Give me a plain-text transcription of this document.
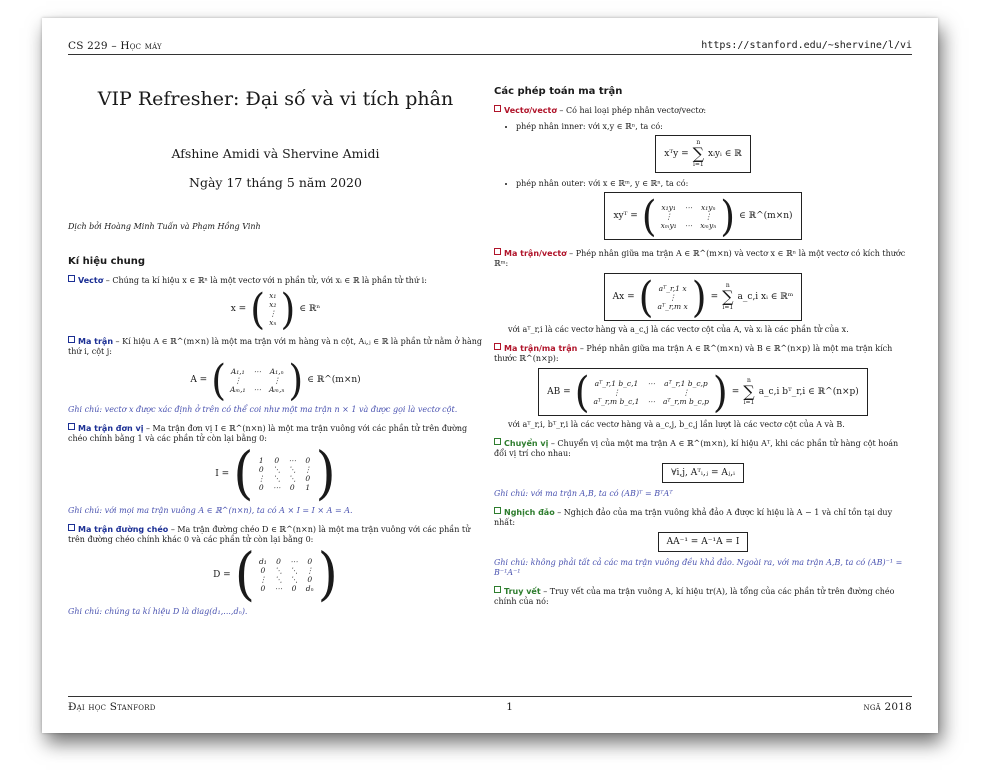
CS 229 – Học máy	https://stanford.edu/~shervine/l/vi
VIP Refresher: Đại số và vi tích phân
Afshine Amidi và Shervine Amidi
Ngày 17 tháng 5 năm 2020
Dịch bởi Hoàng Minh Tuấn và Phạm Hồng Vinh
Kí hiệu chung

Vectơ – Chúng ta kí hiệu x ∈ ℝⁿ là một vectơ với n phần tử, với xᵢ ∈ ℝ là phần tử thứ i:

x = ( x₁
x₂
⋮
xₙ ) ∈ ℝⁿ

Ma trận – Kí hiệu A ∈ ℝ^(m×n) là một ma trận với m hàng và n cột, Aᵢ,ⱼ ∈ ℝ là phần tử nằm ở hàng thứ i, cột j:

A = ( A₁,₁	⋯	A₁,ₙ
⋮		⋮
Aₘ,₁	⋯	Aₘ,ₙ ) ∈ ℝ^(m×n)

Ghi chú: vectơ x được xác định ở trên có thể coi như một ma trận n × 1 và được gọi là vectơ cột.

Ma trận đơn vị – Ma trận đơn vị I ∈ ℝ^(n×n) là một ma trận vuông với các phần tử trên đường chéo chính bằng 1 và các phần tử còn lại bằng 0:

I = ( 1	0	⋯	0
0	⋱	⋱	⋮
⋮	⋱	⋱	0
0	⋯	0	1 )

Ghi chú: với mọi ma trận vuông A ∈ ℝ^(n×n), ta có A × I = I × A = A.

Ma trận đường chéo – Ma trận đường chéo D ∈ ℝ^(n×n) là một ma trận vuông với các phần tử trên đường chéo chính khác 0 và các phần tử còn lại bằng 0:

D = ( d₁	0	⋯	0
0	⋱	⋱	⋮
⋮	⋱	⋱	0
0	⋯	0	dₙ )

Ghi chú: chúng ta kí hiệu D là diag(d₁,...,dₙ).

Các phép toán ma trận

Vectơ/vectơ – Có hai loại phép nhân vectơ/vectơ:

• phép nhân inner: với x,y ∈ ℝⁿ, ta có:
xᵀy =
n
∑
i=1
xᵢyᵢ ∈ ℝ
• phép nhân outer: với x ∈ ℝᵐ, y ∈ ℝⁿ, ta có:
xyᵀ = ( x₁y₁	⋯	x₁yₙ
⋮		⋮
xₘy₁	⋯	xₘyₙ ) ∈ ℝ^(m×n)

Ma trận/vectơ – Phép nhân giữa ma trận A ∈ ℝ^(m×n) và vectơ x ∈ ℝⁿ là một vectơ có kích thước ℝᵐ:

Ax = ( aᵀ_r,1 x
⋮
aᵀ_r,m x ) =
n
∑
i=1
a_c,i xᵢ ∈ ℝᵐ

với aᵀ_r,i là các vectơ hàng và a_c,j là các vectơ cột của A, và xᵢ là các phần tử của x.

Ma trận/ma trận – Phép nhân giữa ma trận A ∈ ℝ^(m×n) và B ∈ ℝ^(n×p) là một ma trận kích thước ℝ^(n×p):

AB = ( aᵀ_r,1 b_c,1	⋯	aᵀ_r,1 b_c,p
⋮		⋮
aᵀ_r,m b_c,1	⋯	aᵀ_r,m b_c,p ) =
n
∑
i=1
a_c,i bᵀ_r,i ∈ ℝ^(n×p)

với aᵀ_r,i, bᵀ_r,i là các vectơ hàng và a_c,j, b_c,j lần lượt là các vectơ cột của A và B.

Chuyển vị – Chuyển vị của một ma trận A ∈ ℝ^(m×n), kí hiệu Aᵀ, khi các phần tử hàng cột hoán đổi vị trí cho nhau:

∀i,j, Aᵀᵢ,ⱼ = Aⱼ,ᵢ

Ghi chú: với ma trận A,B, ta có (AB)ᵀ = BᵀAᵀ

Nghịch đảo – Nghịch đảo của ma trận vuông khả đảo A được kí hiệu là A − 1 và chỉ tồn tại duy nhất:

AA⁻¹ = A⁻¹A = I

Ghi chú: không phải tất cả các ma trận vuông đều khả đảo. Ngoài ra, với ma trận A,B, ta có (AB)⁻¹ = B⁻¹A⁻¹

Truy vết – Truy vết của ma trận vuông A, kí hiệu tr(A), là tổng của các phần tử trên đường chéo chính của nó:

Đại học Stanford	1	ngã 2018
